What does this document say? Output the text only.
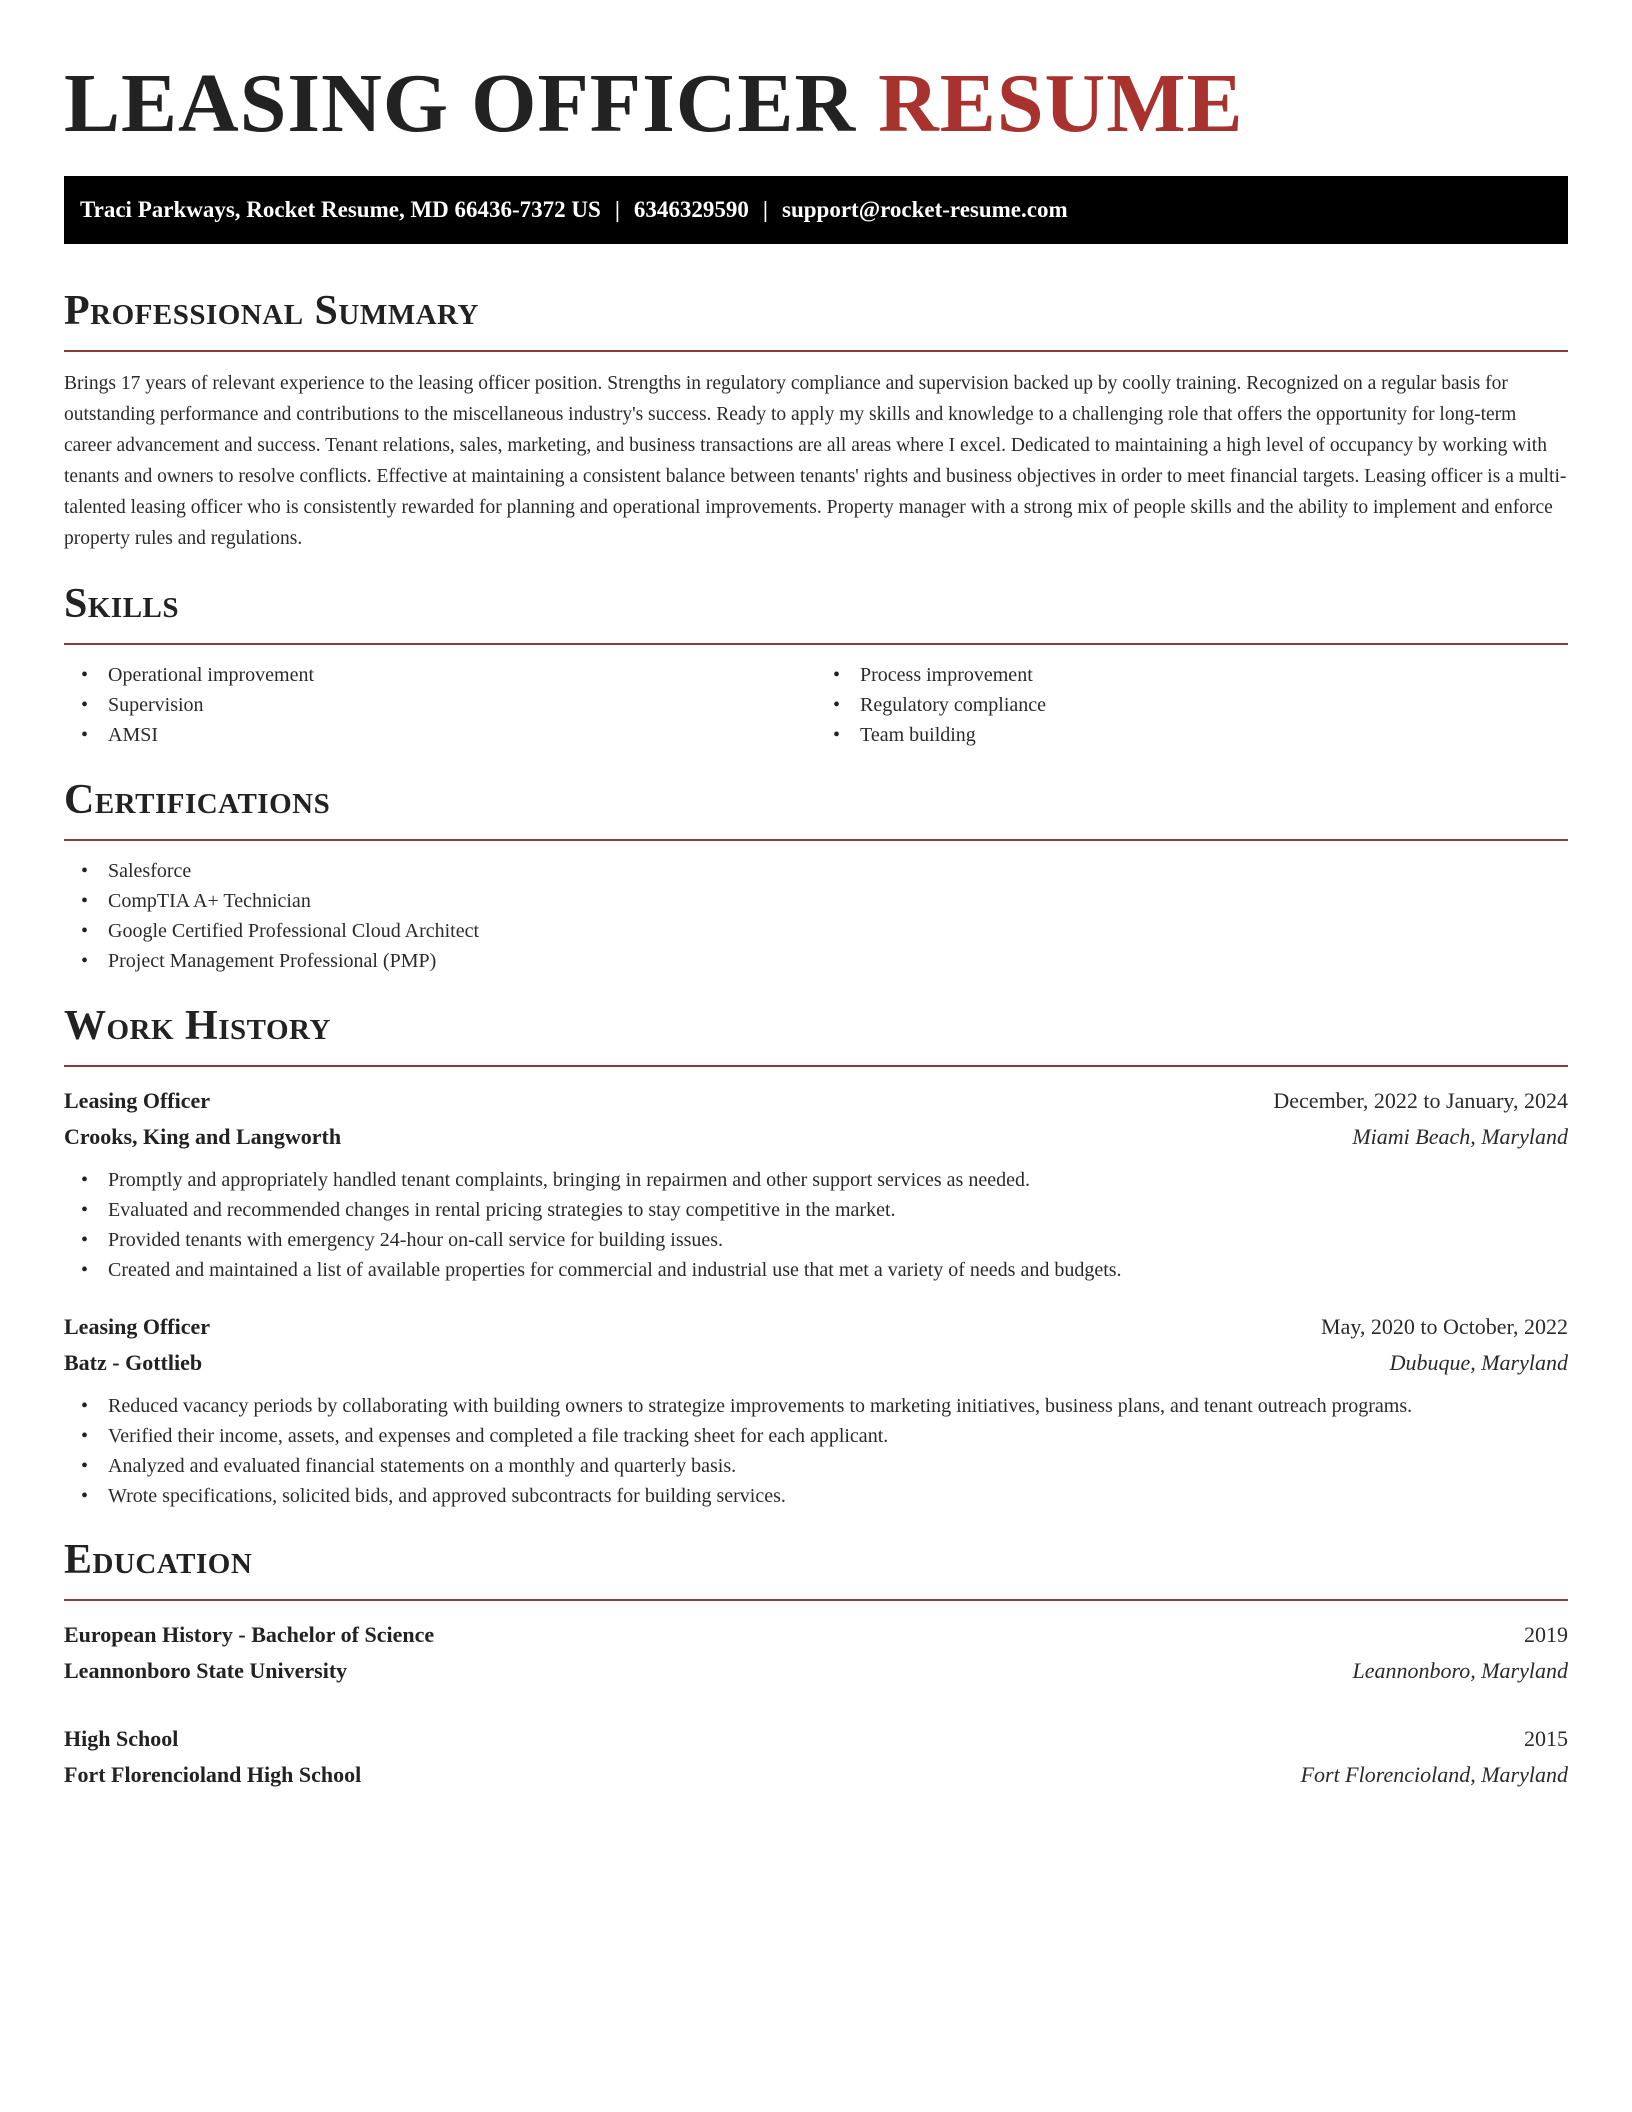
LEASING OFFICER RESUME
Traci Parkways, Rocket Resume, MD 66436-7372 US | 6346329590 | support@rocket-resume.com
Professional Summary

Brings 17 years of relevant experience to the leasing officer position. Strengths in regulatory compliance and supervision backed up by coolly training. Recognized on a regular basis for outstanding performance and contributions to the miscellaneous industry's success. Ready to apply my skills and knowledge to a challenging role that offers the opportunity for long-term career advancement and success. Tenant relations, sales, marketing, and business transactions are all areas where I excel. Dedicated to maintaining a high level of occupancy by working with tenants and owners to resolve conflicts. Effective at maintaining a consistent balance between tenants' rights and business objectives in order to meet financial targets. Leasing officer is a multi-talented leasing officer who is consistently rewarded for planning and operational improvements. Property manager with a strong mix of people skills and the ability to implement and enforce property rules and regulations.

Skills
• Operational improvement
• Supervision
• AMSI
• Process improvement
• Regulatory compliance
• Team building
Certifications
• Salesforce
• CompTIA A+ Technician
• Google Certified Professional Cloud Architect
• Project Management Professional (PMP)
Work History
Leasing Officer	December, 2022 to January, 2024
Crooks, King and Langworth	Miami Beach, Maryland
• Promptly and appropriately handled tenant complaints, bringing in repairmen and other support services as needed.
• Evaluated and recommended changes in rental pricing strategies to stay competitive in the market.
• Provided tenants with emergency 24-hour on-call service for building issues.
• Created and maintained a list of available properties for commercial and industrial use that met a variety of needs and budgets.
Leasing Officer	May, 2020 to October, 2022
Batz - Gottlieb	Dubuque, Maryland
• Reduced vacancy periods by collaborating with building owners to strategize improvements to marketing initiatives, business plans, and tenant outreach programs.
• Verified their income, assets, and expenses and completed a file tracking sheet for each applicant.
• Analyzed and evaluated financial statements on a monthly and quarterly basis.
• Wrote specifications, solicited bids, and approved subcontracts for building services.
Education
European History - Bachelor of Science	2019
Leannonboro State University	Leannonboro, Maryland
High School	2015
Fort Florencioland High School	Fort Florencioland, Maryland
